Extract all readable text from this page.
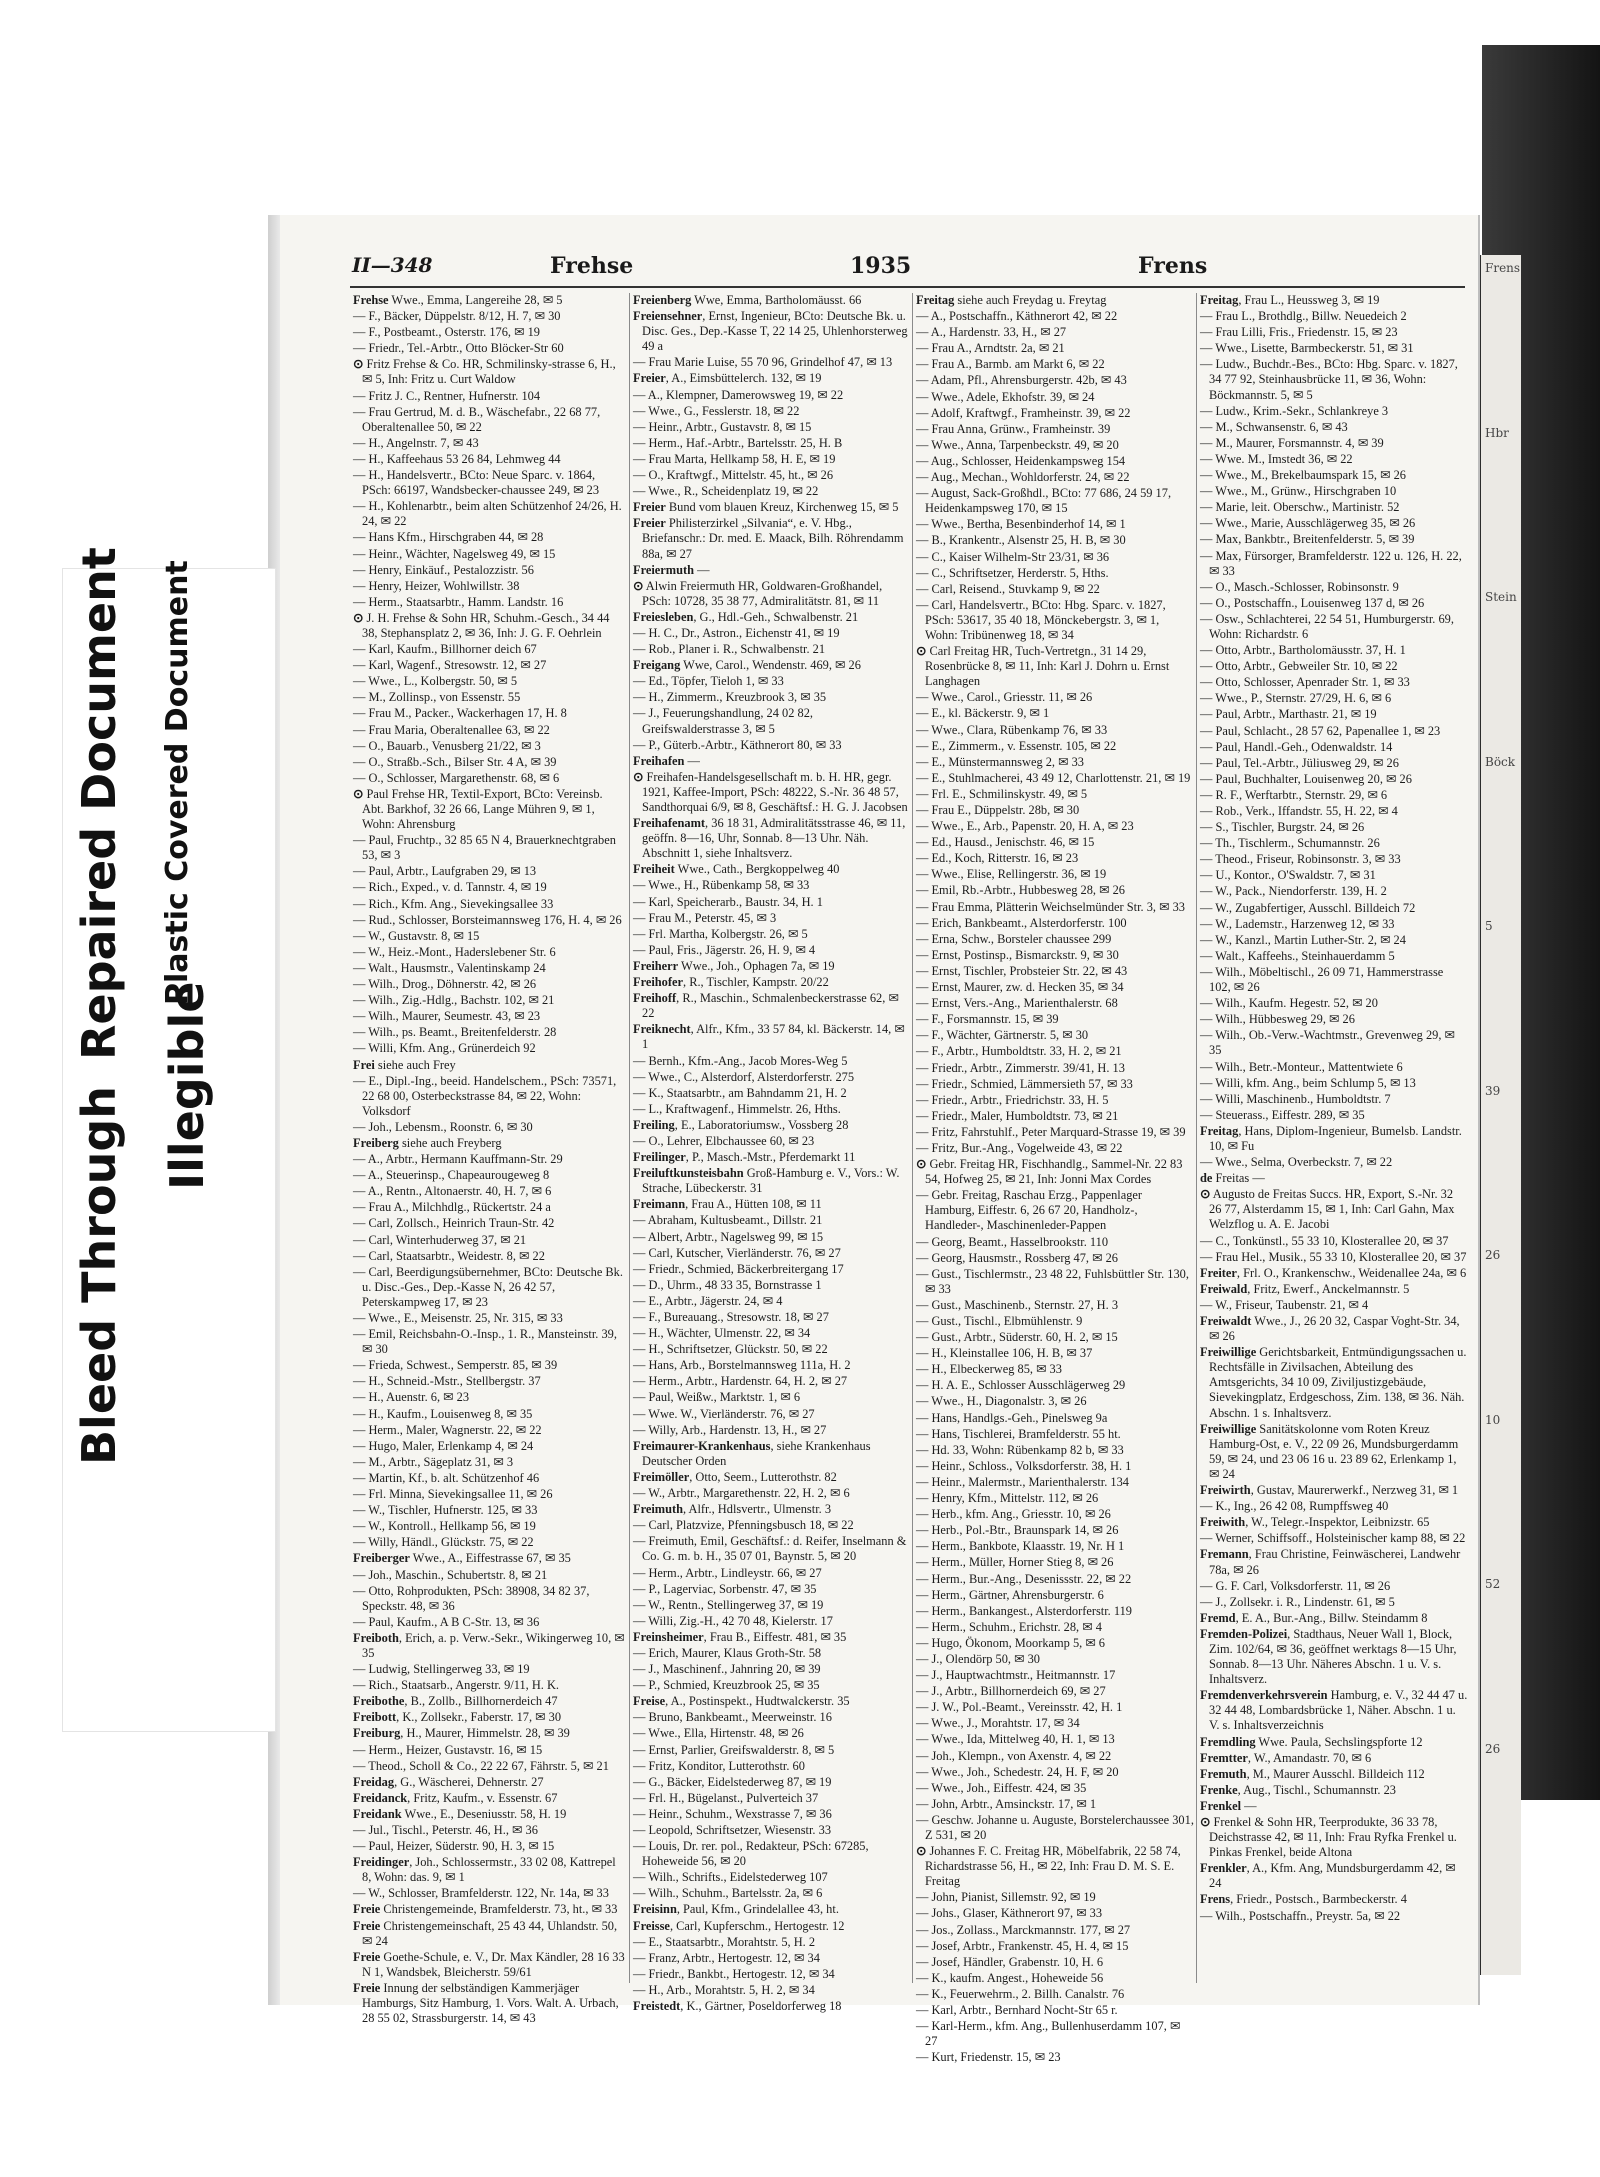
Frens
Hbr
Stein
Böck
5
39
26
10
52
26
Bleed Through
Repaired Document
Illegible
Plastic Covered Document
II—348	Frehse	1935	Frens
Frehse Wwe., Emma, Langereihe 28, ✉ 5
— F., Bäcker, Düppelstr. 8/12, H. 7, ✉ 30
— F., Postbeamt., Osterstr. 176, ✉ 19
— Friedr., Tel.-Arbtr., Otto Blöcker-Str 60
⊙ Fritz Frehse & Co. HR, Schmilinsky-strasse 6, H., ✉ 5, Inh: Fritz u. Curt Waldow
— Fritz J. C., Rentner, Hufnerstr. 104
— Frau Gertrud, M. d. B., Wäschefabr., 22 68 77, Oberaltenallee 50, ✉ 22
— H., Angelnstr. 7, ✉ 43
— H., Kaffeehaus 53 26 84, Lehmweg 44
— H., Handelsvertr., BCto: Neue Sparc. v. 1864, PSch: 66197, Wandsbecker-chaussee 249, ✉ 23
— H., Kohlenarbtr., beim alten Schützenhof 24/26, H. 24, ✉ 22
— Hans Kfm., Hirschgraben 44, ✉ 28
— Heinr., Wächter, Nagelsweg 49, ✉ 15
— Henry, Einkäuf., Pestalozzistr. 56
— Henry, Heizer, Wohlwillstr. 38
— Herm., Staatsarbtr., Hamm. Landstr. 16
⊙ J. H. Frehse & Sohn HR, Schuhm.-Gesch., 34 44 38, Stephansplatz 2, ✉ 36, Inh: J. G. F. Oehrlein
— Karl, Kaufm., Billhorner deich 67
— Karl, Wagenf., Stresowstr. 12, ✉ 27
— Wwe., L., Kolbergstr. 50, ✉ 5
— M., Zollinsp., von Essenstr. 55
— Frau M., Packer., Wackerhagen 17, H. 8
— Frau Maria, Oberaltenallee 63, ✉ 22
— O., Bauarb., Venusberg 21/22, ✉ 3
— O., Straßb.-Sch., Bilser Str. 4 A, ✉ 39
— O., Schlosser, Margarethenstr. 68, ✉ 6
⊙ Paul Frehse HR, Textil-Export, BCto: Vereinsb. Abt. Barkhof, 32 26 66, Lange Mühren 9, ✉ 1, Wohn: Ahrensburg
— Paul, Fruchtp., 32 85 65 N 4, Brauerknechtgraben 53, ✉ 3
— Paul, Arbtr., Laufgraben 29, ✉ 13
— Rich., Exped., v. d. Tannstr. 4, ✉ 19
— Rich., Kfm. Ang., Sievekingsallee 33
— Rud., Schlosser, Borsteimannsweg 176, H. 4, ✉ 26
— W., Gustavstr. 8, ✉ 15
— W., Heiz.-Mont., Haderslebener Str. 6
— Walt., Hausmstr., Valentinskamp 24
— Wilh., Drog., Döhnerstr. 42, ✉ 26
— Wilh., Zig.-Hdlg., Bachstr. 102, ✉ 21
— Wilh., Maurer, Seumestr. 43, ✉ 23
— Wilh., ps. Beamt., Breitenfelderstr. 28
— Willi, Kfm. Ang., Grünerdeich 92
Frei siehe auch Frey
— E., Dipl.-Ing., beeid. Handelschem., PSch: 73571, 22 68 00, Osterbeckstrasse 84, ✉ 22, Wohn: Volksdorf
— Joh., Lebensm., Roonstr. 6, ✉ 30
Freiberg siehe auch Freyberg
— A., Arbtr., Hermann Kauffmann-Str. 29
— A., Steuerinsp., Chapeaurougeweg 8
— A., Rentn., Altonaerstr. 40, H. 7, ✉ 6
— Frau A., Milchhdlg., Rückertstr. 24 a
— Carl, Zollsch., Heinrich Traun-Str. 42
— Carl, Winterhuderweg 37, ✉ 21
— Carl, Staatsarbtr., Weidestr. 8, ✉ 22
— Carl, Beerdigungsübernehmer, BCto: Deutsche Bk. u. Disc.-Ges., Dep.-Kasse N, 26 42 57, Peterskampweg 17, ✉ 23
— Wwe., E., Meisenstr. 25, Nr. 315, ✉ 33
— Emil, Reichsbahn-O.-Insp., 1. R., Mansteinstr. 39, ✉ 30
— Frieda, Schwest., Semperstr. 85, ✉ 39
— H., Schneid.-Mstr., Stellbergstr. 37
— H., Auenstr. 6, ✉ 23
— H., Kaufm., Louisenweg 8, ✉ 35
— Herm., Maler, Wagnerstr. 22, ✉ 22
— Hugo, Maler, Erlenkamp 4, ✉ 24
— M., Arbtr., Sägeplatz 31, ✉ 3
— Martin, Kf., b. alt. Schützenhof 46
— Frl. Minna, Sievekingsallee 11, ✉ 26
— W., Tischler, Hufnerstr. 125, ✉ 33
— W., Kontroll., Hellkamp 56, ✉ 19
— Willy, Händl., Glückstr. 75, ✉ 22
Freiberger Wwe., A., Eiffestrasse 67, ✉ 35
— Joh., Maschin., Schubertstr. 8, ✉ 21
— Otto, Rohprodukten, PSch: 38908, 34 82 37, Speckstr. 48, ✉ 36
— Paul, Kaufm., A B C-Str. 13, ✉ 36
Freiboth, Erich, a. p. Verw.-Sekr., Wikingerweg 10, ✉ 35
— Ludwig, Stellingerweg 33, ✉ 19
— Rich., Staatsarb., Angerstr. 9/11, H. K.
Freibothe, B., Zollb., Billhornerdeich 47
Freibott, K., Zollsekr., Faberstr. 17, ✉ 30
Freiburg, H., Maurer, Himmelstr. 28, ✉ 39
— Herm., Heizer, Gustavstr. 16, ✉ 15
— Theod., Scholl & Co., 22 22 67, Fährstr. 5, ✉ 21
Freidag, G., Wäscherei, Dehnerstr. 27
Freidanck, Fritz, Kaufm., v. Essenstr. 67
Freidank Wwe., E., Deseniusstr. 58, H. 19
— Jul., Tischl., Peterstr. 46, H., ✉ 36
— Paul, Heizer, Süderstr. 90, H. 3, ✉ 15
Freidinger, Joh., Schlossermstr., 33 02 08, Kattrepel 8, Wohn: das. 9, ✉ 1
— W., Schlosser, Bramfelderstr. 122, Nr. 14a, ✉ 33
Freie Christengemeinde, Bramfelderstr. 73, ht., ✉ 33
Freie Christengemeinschaft, 25 43 44, Uhlandstr. 50, ✉ 24
Freie Goethe-Schule, e. V., Dr. Max Kändler, 28 16 33 N 1, Wandsbek, Bleicherstr. 59/61
Freie Innung der selbständigen Kammerjäger Hamburgs, Sitz Hamburg, 1. Vors. Walt. A. Urbach, 28 55 02, Strassburgerstr. 14, ✉ 43
Freienberg Wwe, Emma, Bartholomäusst. 66
Freiensehner, Ernst, Ingenieur, BCto: Deutsche Bk. u. Disc. Ges., Dep.-Kasse T, 22 14 25, Uhlenhorsterweg 49 a
— Frau Marie Luise, 55 70 96, Grindelhof 47, ✉ 13
Freier, A., Eimsbüttelerch. 132, ✉ 19
— A., Klempner, Damerowsweg 19, ✉ 22
— Wwe., G., Fesslerstr. 18, ✉ 22
— Heinr., Arbtr., Gustavstr. 8, ✉ 15
— Herm., Haf.-Arbtr., Bartelsstr. 25, H. B
— Frau Marta, Hellkamp 58, H. E, ✉ 19
— O., Kraftwgf., Mittelstr. 45, ht., ✉ 26
— Wwe., R., Scheidenplatz 19, ✉ 22
Freier Bund vom blauen Kreuz, Kirchenweg 15, ✉ 5
Freier Philisterzirkel „Silvania“, e. V. Hbg., Briefanschr.: Dr. med. E. Maack, Bilh. Röhrendamm 88a, ✉ 27
Freiermuth —
⊙ Alwin Freiermuth HR, Goldwaren-Großhandel, PSch: 10728, 35 38 77, Admiralitätstr. 81, ✉ 11
Freiesleben, G., Hdl.-Geh., Schwalbenstr. 21
— H. C., Dr., Astron., Eichenstr 41, ✉ 19
— Rob., Planer i. R., Schwalbenstr. 21
Freigang Wwe, Carol., Wendenstr. 469, ✉ 26
— Ed., Töpfer, Tieloh 1, ✉ 33
— H., Zimmerm., Kreuzbrook 3, ✉ 35
— J., Feuerungshandlung, 24 02 82, Greifswalderstrasse 3, ✉ 5
— P., Güterb.-Arbtr., Käthnerort 80, ✉ 33
Freihafen —
⊙ Freihafen-Handelsgesellschaft m. b. H. HR, gegr. 1921, Kaffee-Import, PSch: 48222, S.-Nr. 36 48 57, Sandthorquai 6/9, ✉ 8, Geschäftsf.: H. G. J. Jacobsen
Freihafenamt, 36 18 31, Admiralitätsstrasse 46, ✉ 11, geöffn. 8—16, Uhr, Sonnab. 8—13 Uhr. Näh. Abschnitt 1, siehe Inhaltsverz.
Freiheit Wwe., Cath., Bergkoppelweg 40
— Wwe., H., Rübenkamp 58, ✉ 33
— Karl, Speicherarb., Baustr. 34, H. 1
— Frau M., Peterstr. 45, ✉ 3
— Frl. Martha, Kolbergstr. 26, ✉ 5
— Paul, Fris., Jägerstr. 26, H. 9, ✉ 4
Freiherr Wwe., Joh., Ophagen 7a, ✉ 19
Freihofer, R., Tischler, Kampstr. 20/22
Freihoff, R., Maschin., Schmalenbeckerstrasse 62, ✉ 22
Freiknecht, Alfr., Kfm., 33 57 84, kl. Bäckerstr. 14, ✉ 1
— Bernh., Kfm.-Ang., Jacob Mores-Weg 5
— Wwe., C., Alsterdorf, Alsterdorferstr. 275
— K., Staatsarbtr., am Bahndamm 21, H. 2
— L., Kraftwagenf., Himmelstr. 26, Hths.
Freiling, E., Laboratoriumsw., Vossberg 28
— O., Lehrer, Elbchaussee 60, ✉ 23
Freilinger, P., Masch.-Mstr., Pferdemarkt 11
Freiluftkunsteisbahn Groß-Hamburg e. V., Vors.: W. Strache, Lübeckerstr. 31
Freimann, Frau A., Hütten 108, ✉ 11
— Abraham, Kultusbeamt., Dillstr. 21
— Albert, Arbtr., Nagelsweg 99, ✉ 15
— Carl, Kutscher, Vierländerstr. 76, ✉ 27
— Friedr., Schmied, Bäckerbreitergang 17
— D., Uhrm., 48 33 35, Bornstrasse 1
— E., Arbtr., Jägerstr. 24, ✉ 4
— F., Bureauang., Stresowstr. 18, ✉ 27
— H., Wächter, Ulmenstr. 22, ✉ 34
— H., Schriftsetzer, Glückstr. 50, ✉ 22
— Hans, Arb., Borstelmannsweg 111a, H. 2
— Herm., Arbtr., Hardenstr. 64, H. 2, ✉ 27
— Paul, Weißw., Marktstr. 1, ✉ 6
— Wwe. W., Vierländerstr. 76, ✉ 27
— Willy, Arb., Hardenstr. 13, H., ✉ 27
Freimaurer-Krankenhaus, siehe Krankenhaus Deutscher Orden
Freimöller, Otto, Seem., Lutterothstr. 82
— W., Arbtr., Margarethenstr. 22, H. 2, ✉ 6
Freimuth, Alfr., Hdlsvertr., Ulmenstr. 3
— Carl, Platzvize, Pfenningsbusch 18, ✉ 22
— Freimuth, Emil, Geschäftsf.: d. Reifer, Inselmann & Co. G. m. b. H., 35 07 01, Baynstr. 5, ✉ 20
— Herm., Arbtr., Lindleystr. 66, ✉ 27
— P., Lagerviac, Sorbenstr. 47, ✉ 35
— W., Rentn., Stellingerweg 37, ✉ 19
— Willi, Zig.-H., 42 70 48, Kielerstr. 17
Freinsheimer, Frau B., Eiffestr. 481, ✉ 35
— Erich, Maurer, Klaus Groth-Str. 58
— J., Maschinenf., Jahnring 20, ✉ 39
— P., Schmied, Kreuzbrook 25, ✉ 35
Freise, A., Postinspekt., Hudtwalckerstr. 35
— Bruno, Bankbeamt., Meerweinstr. 16
— Wwe., Ella, Hirtenstr. 48, ✉ 26
— Ernst, Parlier, Greifswalderstr. 8, ✉ 5
— Fritz, Konditor, Lutterothstr. 60
— G., Bäcker, Eidelstederweg 87, ✉ 19
— Frl. H., Bügelanst., Pulverteich 37
— Heinr., Schuhm., Wexstrasse 7, ✉ 36
— Leopold, Schriftsetzer, Wiesenstr. 33
— Louis, Dr. rer. pol., Redakteur, PSch: 67285, Hoheweide 56, ✉ 20
— Wilh., Schrifts., Eidelstederweg 107
— Wilh., Schuhm., Bartelsstr. 2a, ✉ 6
Freisinn, Paul, Kfm., Grindelallee 43, ht.
Freisse, Carl, Kupferschm., Hertogestr. 12
— E., Staatsarbtr., Morahtstr. 5, H. 2
— Franz, Arbtr., Hertogestr. 12, ✉ 34
— Friedr., Bankbt., Hertogestr. 12, ✉ 34
— H., Arb., Morahtstr. 5, H. 2, ✉ 34
Freistedt, K., Gärtner, Poseldorferweg 18
Freitag siehe auch Freydag u. Freytag
— A., Postschaffn., Käthnerort 42, ✉ 22
— A., Hardenstr. 33, H., ✉ 27
— Frau A., Arndtstr. 2a, ✉ 21
— Frau A., Barmb. am Markt 6, ✉ 22
— Adam, Pfl., Ahrensburgerstr. 42b, ✉ 43
— Wwe., Adele, Ekhofstr. 39, ✉ 24
— Adolf, Kraftwgf., Framheinstr. 39, ✉ 22
— Frau Anna, Grünw., Framheinstr. 39
— Wwe., Anna, Tarpenbeckstr. 49, ✉ 20
— Aug., Schlosser, Heidenkampsweg 154
— Aug., Mechan., Wohldorferstr. 24, ✉ 22
— August, Sack-Großhdl., BCto: 77 686, 24 59 17, Heidenkampsweg 170, ✉ 15
— Wwe., Bertha, Besenbinderhof 14, ✉ 1
— B., Krankentr., Alsenstr 25, H. B, ✉ 30
— C., Kaiser Wilhelm-Str 23/31, ✉ 36
— C., Schriftsetzer, Herderstr. 5, Hths.
— Carl, Reisend., Stuvkamp 9, ✉ 22
— Carl, Handelsvertr., BCto: Hbg. Sparc. v. 1827, PSch: 53617, 35 40 18, Mönckebergstr. 3, ✉ 1, Wohn: Tribünenweg 18, ✉ 34
⊙ Carl Freitag HR, Tuch-Vertretgn., 31 14 29, Rosenbrücke 8, ✉ 11, Inh: Karl J. Dohrn u. Ernst Langhagen
— Wwe., Carol., Griesstr. 11, ✉ 26
— E., kl. Bäckerstr. 9, ✉ 1
— Wwe., Clara, Rübenkamp 76, ✉ 33
— E., Zimmerm., v. Essenstr. 105, ✉ 22
— E., Münstermannsweg 2, ✉ 33
— E., Stuhlmacherei, 43 49 12, Charlottenstr. 21, ✉ 19
— Frl. E., Schmilinskystr. 49, ✉ 5
— Frau E., Düppelstr. 28b, ✉ 30
— Wwe., E., Arb., Papenstr. 20, H. A, ✉ 23
— Ed., Hausd., Jenischstr. 46, ✉ 15
— Ed., Koch, Ritterstr. 16, ✉ 23
— Wwe., Elise, Rellingerstr. 36, ✉ 19
— Emil, Rb.-Arbtr., Hubbesweg 28, ✉ 26
— Frau Emma, Plätterin Weichselmünder Str. 3, ✉ 33
— Erich, Bankbeamt., Alsterdorferstr. 100
— Erna, Schw., Borsteler chaussee 299
— Ernst, Postinsp., Bismarckstr. 9, ✉ 30
— Ernst, Tischler, Probsteier Str. 22, ✉ 43
— Ernst, Maurer, zw. d. Hecken 35, ✉ 34
— Ernst, Vers.-Ang., Marienthalerstr. 68
— F., Forsmannstr. 15, ✉ 39
— F., Wächter, Gärtnerstr. 5, ✉ 30
— F., Arbtr., Humboldtstr. 33, H. 2, ✉ 21
— Friedr., Arbtr., Zimmerstr. 39/41, H. 13
— Friedr., Schmied, Lämmersieth 57, ✉ 33
— Friedr., Arbtr., Friedrichstr. 33, H. 5
— Friedr., Maler, Humboldtstr. 73, ✉ 21
— Fritz, Fahrstuhlf., Peter Marquard-Strasse 19, ✉ 39
— Fritz, Bur.-Ang., Vogelweide 43, ✉ 22
⊙ Gebr. Freitag HR, Fischhandlg., Sammel-Nr. 22 83 54, Hofweg 25, ✉ 21, Inh: Jonni Max Cordes
— Gebr. Freitag, Raschau Erzg., Pappenlager Hamburg, Eiffestr. 6, 26 67 20, Handholz-, Handleder-, Maschinenleder-Pappen
— Georg, Beamt., Hasselbrookstr. 110
— Georg, Hausmstr., Rossberg 47, ✉ 26
— Gust., Tischlermstr., 23 48 22, Fuhlsbüttler Str. 130, ✉ 33
— Gust., Maschinenb., Sternstr. 27, H. 3
— Gust., Tischl., Elbmühlenstr. 9
— Gust., Arbtr., Süderstr. 60, H. 2, ✉ 15
— H., Kleinstallee 106, H. B, ✉ 37
— H., Elbeckerweg 85, ✉ 33
— H. A. E., Schlosser Ausschlägerweg 29
— Wwe., H., Diagonalstr. 3, ✉ 26
— Hans, Handlgs.-Geh., Pinelsweg 9a
— Hans, Tischlerei, Bramfelderstr. 55 ht.
— Hd. 33, Wohn: Rübenkamp 82 b, ✉ 33
— Heinr., Schloss., Volksdorferstr. 38, H. 1
— Heinr., Malermstr., Marienthalerstr. 134
— Henry, Kfm., Mittelstr. 112, ✉ 26
— Herb., kfm. Ang., Griesstr. 10, ✉ 26
— Herb., Pol.-Btr., Braunspark 14, ✉ 26
— Herm., Bankbote, Klaasstr. 19, Nr. H 1
— Herm., Müller, Horner Stieg 8, ✉ 26
— Herm., Bur.-Ang., Desenissstr. 22, ✉ 22
— Herm., Gärtner, Ahrensburgerstr. 6
— Herm., Bankangest., Alsterdorferstr. 119
— Herm., Schuhm., Erichstr. 28, ✉ 4
— Hugo, Ökonom, Moorkamp 5, ✉ 6
— J., Olendörp 50, ✉ 30
— J., Hauptwachtmstr., Heitmannstr. 17
— J., Arbtr., Billhornerdeich 69, ✉ 27
— J. W., Pol.-Beamt., Vereinsstr. 42, H. 1
— Wwe., J., Morahtstr. 17, ✉ 34
— Wwe., Ida, Mittelweg 40, H. 1, ✉ 13
— Joh., Klempn., von Axenstr. 4, ✉ 22
— Wwe., Joh., Schedestr. 24, H. F, ✉ 20
— Wwe., Joh., Eiffestr. 424, ✉ 35
— John, Arbtr., Amsinckstr. 17, ✉ 1
— Geschw. Johanne u. Auguste, Borstelerchaussee 301, Z 531, ✉ 20
⊙ Johannes F. C. Freitag HR, Möbelfabrik, 22 58 74, Richardstrasse 56, H., ✉ 22, Inh: Frau D. M. S. E. Freitag
— John, Pianist, Sillemstr. 92, ✉ 19
— Johs., Glaser, Käthnerort 97, ✉ 33
— Jos., Zollass., Marckmannstr. 177, ✉ 27
— Josef, Arbtr., Frankenstr. 45, H. 4, ✉ 15
— Josef, Händler, Grabenstr. 10, H. 6
— K., kaufm. Angest., Hoheweide 56
— K., Feuerwehrm., 2. Billh. Canalstr. 76
— Karl, Arbtr., Bernhard Nocht-Str 65 r.
— Karl-Herm., kfm. Ang., Bullenhuserdamm 107, ✉ 27
— Kurt, Friedenstr. 15, ✉ 23
Freitag, Frau L., Heussweg 3, ✉ 19
— Frau L., Brothdlg., Billw. Neuedeich 2
— Frau Lilli, Fris., Friedenstr. 15, ✉ 23
— Wwe., Lisette, Barmbeckerstr. 51, ✉ 31
— Ludw., Buchdr.-Bes., BCto: Hbg. Sparc. v. 1827, 34 77 92, Steinhausbrücke 11, ✉ 36, Wohn: Böckmannstr. 5, ✉ 5
— Ludw., Krim.-Sekr., Schlankreye 3
— M., Schwansenstr. 6, ✉ 43
— M., Maurer, Forsmannstr. 4, ✉ 39
— Wwe. M., Imstedt 36, ✉ 22
— Wwe., M., Brekelbaumspark 15, ✉ 26
— Wwe., M., Grünw., Hirschgraben 10
— Marie, leit. Oberschw., Martinistr. 52
— Wwe., Marie, Ausschlägerweg 35, ✉ 26
— Max, Bankbtr., Breitenfelderstr. 5, ✉ 39
— Max, Fürsorger, Bramfelderstr. 122 u. 126, H. 22, ✉ 33
— O., Masch.-Schlosser, Robinsonstr. 9
— O., Postschaffn., Louisenweg 137 d, ✉ 26
— Osw., Schlachterei, 22 54 51, Humburgerstr. 69, Wohn: Richardstr. 6
— Otto, Arbtr., Bartholomäusstr. 37, H. 1
— Otto, Arbtr., Gebweiler Str. 10, ✉ 22
— Otto, Schlosser, Apenrader Str. 1, ✉ 33
— Wwe., P., Sternstr. 27/29, H. 6, ✉ 6
— Paul, Arbtr., Marthastr. 21, ✉ 19
— Paul, Schlacht., 28 57 62, Papenallee 1, ✉ 23
— Paul, Handl.-Geh., Odenwaldstr. 14
— Paul, Tel.-Arbtr., Jüliusweg 29, ✉ 26
— Paul, Buchhalter, Louisenweg 20, ✉ 26
— R. F., Werftarbtr., Sternstr. 29, ✉ 6
— Rob., Verk., Iffandstr. 55, H. 22, ✉ 4
— S., Tischler, Burgstr. 24, ✉ 26
— Th., Tischlerm., Schumannstr. 26
— Theod., Friseur, Robinsonstr. 3, ✉ 33
— U., Kontor., O'Swaldstr. 7, ✉ 31
— W., Pack., Niendorferstr. 139, H. 2
— W., Zugabfertiger, Ausschl. Billdeich 72
— W., Lademstr., Harzenweg 12, ✉ 33
— W., Kanzl., Martin Luther-Str. 2, ✉ 24
— Walt., Kaffeehs., Steinhauerdamm 5
— Wilh., Möbeltischl., 26 09 71, Hammerstrasse 102, ✉ 26
— Wilh., Kaufm. Hegestr. 52, ✉ 20
— Wilh., Hübbesweg 29, ✉ 26
— Wilh., Ob.-Verw.-Wachtmstr., Grevenweg 29, ✉ 35
— Wilh., Betr.-Monteur., Mattentwiete 6
— Willi, kfm. Ang., beim Schlump 5, ✉ 13
— Willi, Maschinenb., Humboldtstr. 7
— Steuerass., Eiffestr. 289, ✉ 35
Freitag, Hans, Diplom-Ingenieur, Bumelsb. Landstr. 10, ✉ Fu
— Wwe., Selma, Overbeckstr. 7, ✉ 22
de Freitas —
⊙ Augusto de Freitas Succs. HR, Export, S.-Nr. 32 26 77, Alsterdamm 15, ✉ 1, Inh: Carl Gahn, Max Welzflog u. A. E. Jacobi
— C., Tonkünstl., 55 33 10, Klosterallee 20, ✉ 37
— Frau Hel., Musik., 55 33 10, Klosterallee 20, ✉ 37
Freiter, Frl. O., Krankenschw., Weidenallee 24a, ✉ 6
Freiwald, Fritz, Ewerf., Anckelmannstr. 5
— W., Friseur, Taubenstr. 21, ✉ 4
Freiwaldt Wwe., J., 26 20 32, Caspar Voght-Str. 34, ✉ 26
Freiwillige Gerichtsbarkeit, Entmündigungssachen u. Rechtsfälle in Zivilsachen, Abteilung des Amtsgerichts, 34 10 09, Ziviljustizgebäude, Sievekingplatz, Erdgeschoss, Zim. 138, ✉ 36. Näh. Abschn. 1 s. Inhaltsverz.
Freiwillige Sanitätskolonne vom Roten Kreuz Hamburg-Ost, e. V., 22 09 26, Mundsburgerdamm 59, ✉ 24, und 23 06 16 u. 23 89 62, Erlenkamp 1, ✉ 24
Freiwirth, Gustav, Maurerwerkf., Nerzweg 31, ✉ 1
— K., Ing., 26 42 08, Rumpffsweg 40
Freiwith, W., Telegr.-Inspektor, Leibnizstr. 65
— Werner, Schiffsoff., Holsteinischer kamp 88, ✉ 22
Fremann, Frau Christine, Feinwäscherei, Landwehr 78a, ✉ 26
— G. F. Carl, Volksdorferstr. 11, ✉ 26
— J., Zollsekr. i. R., Lindenstr. 61, ✉ 5
Fremd, E. A., Bur.-Ang., Billw. Steindamm 8
Fremden-Polizei, Stadthaus, Neuer Wall 1, Block, Zim. 102/64, ✉ 36, geöffnet werktags 8—15 Uhr, Sonnab. 8—13 Uhr. Näheres Abschn. 1 u. V. s. Inhaltsverz.
Fremdenverkehrsverein Hamburg, e. V., 32 44 47 u. 32 44 48, Lombardsbrücke 1, Näher. Abschn. 1 u. V. s. Inhaltsverzeichnis
Fremdling Wwe. Paula, Sechslingspforte 12
Fremtter, W., Amandastr. 70, ✉ 6
Fremuth, M., Maurer Ausschl. Billdeich 112
Frenke, Aug., Tischl., Schumannstr. 23
Frenkel —
⊙ Frenkel & Sohn HR, Teerprodukte, 36 33 78, Deichstrasse 42, ✉ 11, Inh: Frau Ryfka Frenkel u. Pinkas Frenkel, beide Altona
Frenkler, A., Kfm. Ang, Mundsburgerdamm 42, ✉ 24
Frens, Friedr., Postsch., Barmbeckerstr. 4
— Wilh., Postschaffn., Preystr. 5a, ✉ 22
